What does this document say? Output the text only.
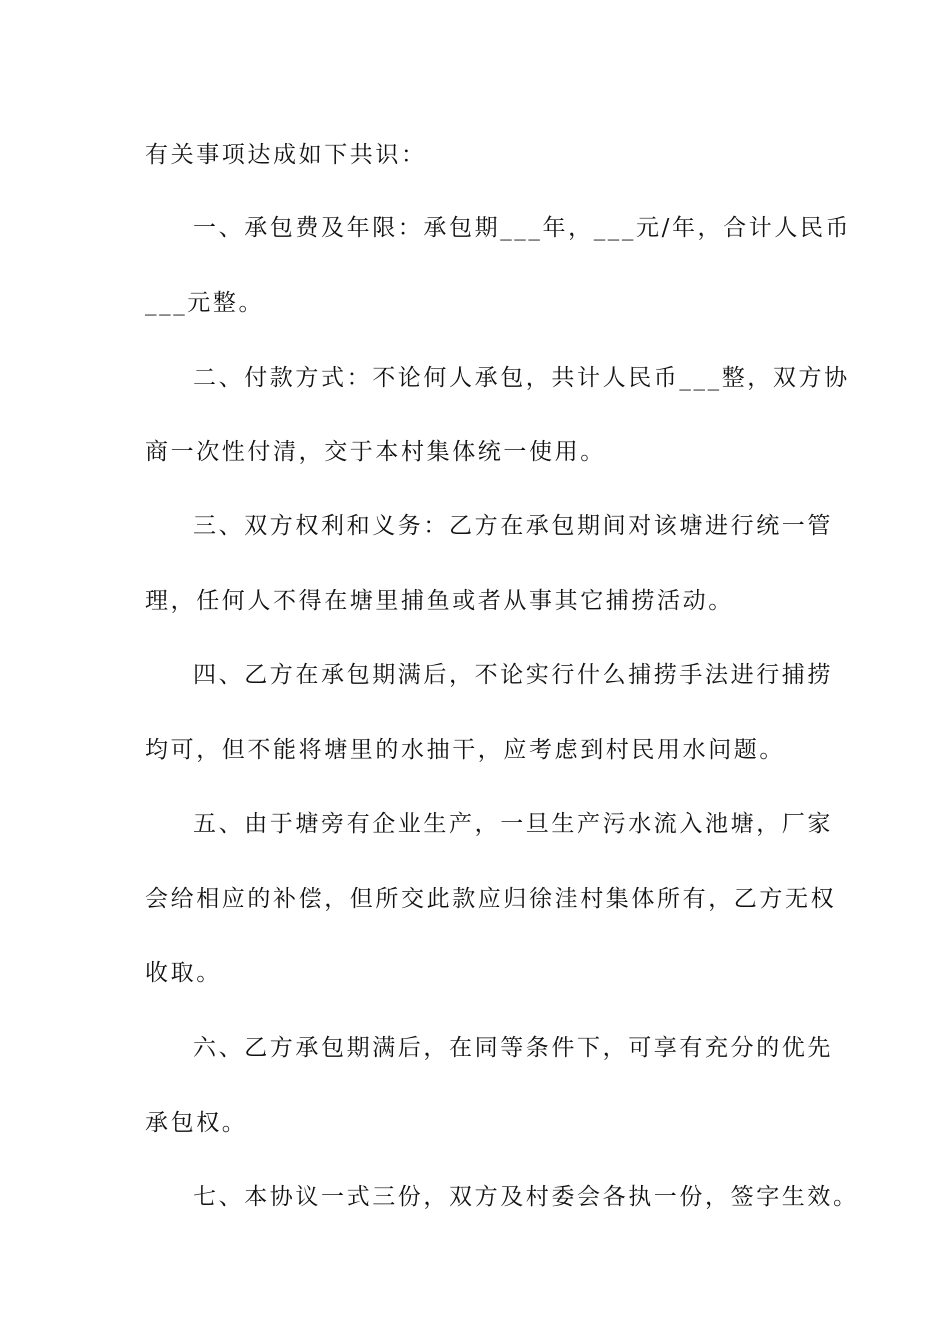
有关事项达成如下共识：
一、承包费及年限：承包期___年，___元/年，合计人民币
___元整。
二、付款方式：不论何人承包，共计人民币___整，双方协
商一次性付清，交于本村集体统一使用。
三、双方权利和义务：乙方在承包期间对该塘进行统一管
理，任何人不得在塘里捕鱼或者从事其它捕捞活动。
四、乙方在承包期满后，不论实行什么捕捞手法进行捕捞
均可，但不能将塘里的水抽干，应考虑到村民用水问题。
五、由于塘旁有企业生产，一旦生产污水流入池塘，厂家
会给相应的补偿，但所交此款应归徐洼村集体所有，乙方无权
收取。
六、乙方承包期满后，在同等条件下，可享有充分的优先
承包权。
七、本协议一式三份，双方及村委会各执一份，签字生效。
